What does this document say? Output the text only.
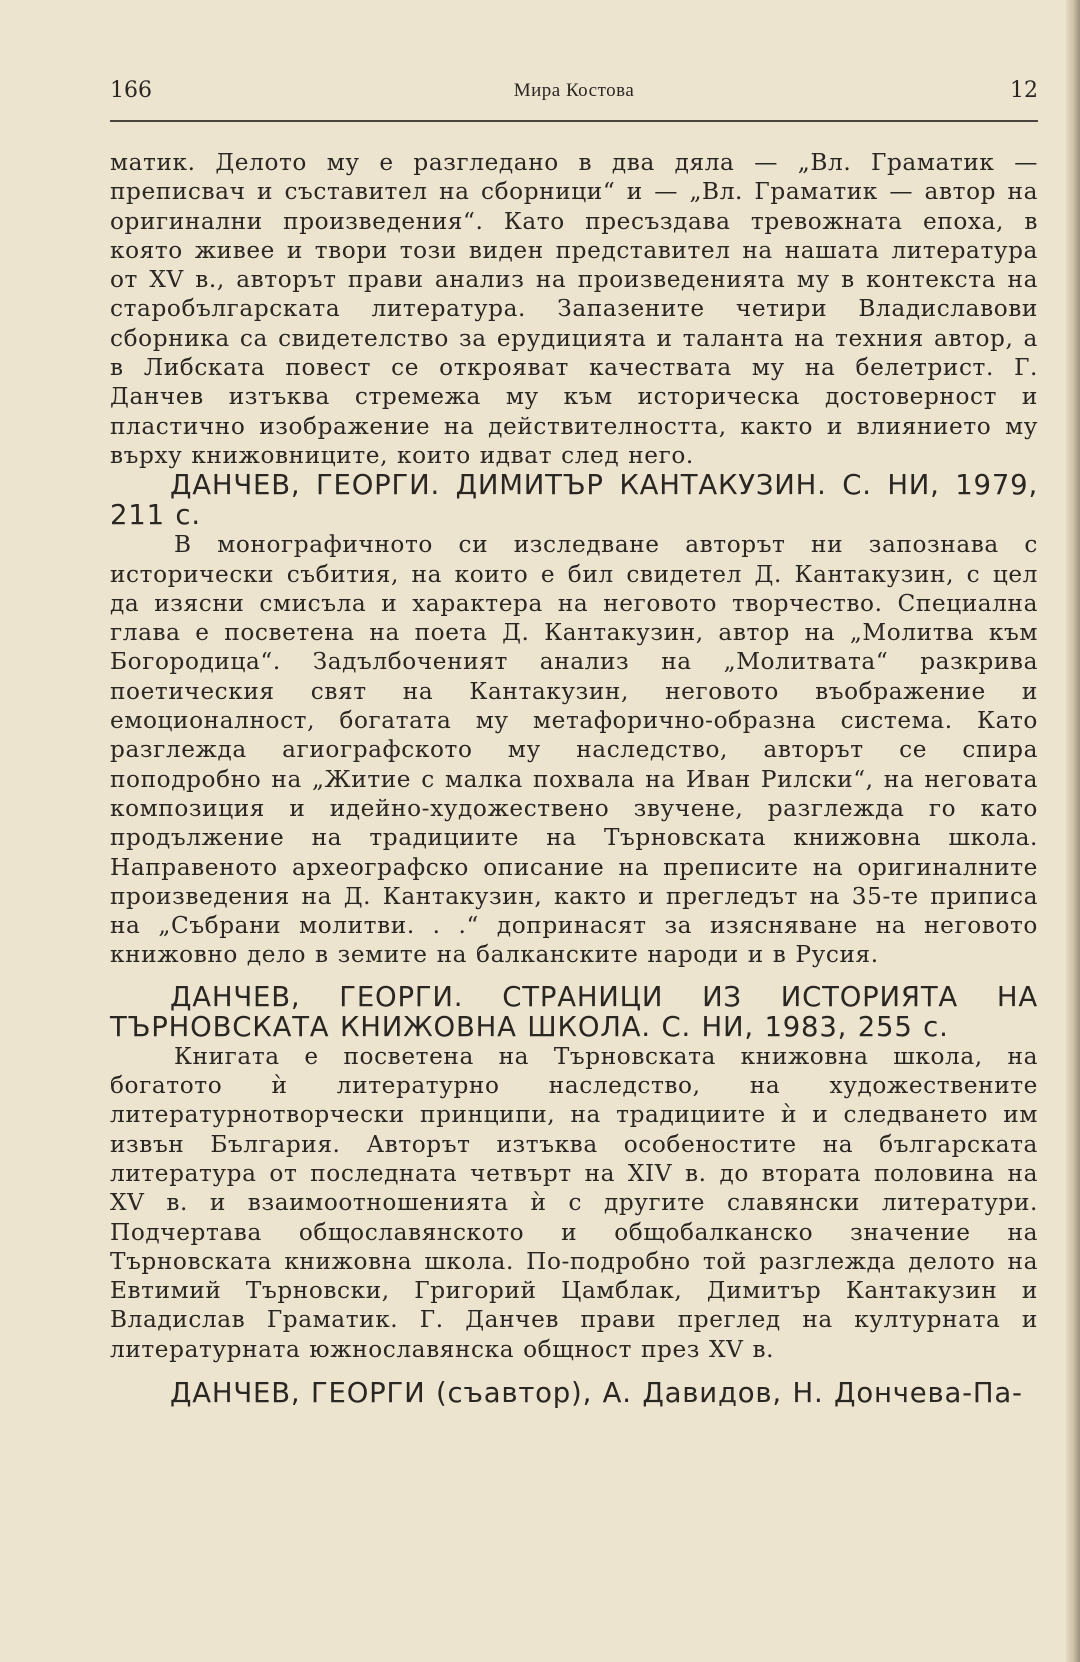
166	Мира Костова	12

матик. Делото му е разгледано в два дяла — „Вл. Граматик — преписвач и съставител на сборници“ и — „Вл. Граматик — автор на оригинални произведения“. Като пресъздава тревожната епоха, в която живее и твори този виден представител на нашата литература от XV в., авторът прави анализ на произведенията му в контекста на старобългарската литература. Запазените четири Владиславови сборника са свидетелство за ерудицията и таланта на техния автор, а в Либската повест се открояват качествата му на белетрист. Г. Данчев изтъква стремежа му към историческа достоверност и пластично изображение на действителността, както и влиянието му върху книжовниците, които идват след него.

ДАНЧЕВ, ГЕОРГИ. ДИМИТЪР КАНТАКУЗИН. С. НИ, 1979, 211 с.

В монографичното си изследване авторът ни запознава с исторически събития, на които е бил свидетел Д. Кантакузин, с цел да изясни смисъла и характера на неговото творчество. Специална глава е посветена на поета Д. Кантакузин, автор на „Молитва към Богородица“. Задълбоченият анализ на „Молитвата“ разкрива поетическия свят на Кантакузин, неговото въображение и емоционалност, богатата му метафорично-образна система. Като разглежда агиографското му наследство, авторът се спира поподробно на „Житие с малка похвала на Иван Рилски“, на неговата композиция и идейно-художествено звучене, разглежда го като продължение на традициите на Търновската книжовна школа. Направеното археографско описание на преписите на оригиналните произведения на Д. Кантакузин, както и прегледът на 35-те приписа на „Събрани молитви. . .“ допринасят за изясняване на неговото книжовно дело в земите на балканските народи и в Русия.

ДАНЧЕВ, ГЕОРГИ. СТРАНИЦИ ИЗ ИСТОРИЯТА НА ТЪРНОВСКАТА КНИЖОВНА ШКОЛА. С. НИ, 1983, 255 с.

Книгата е посветена на Търновската книжовна школа, на богатото ѝ литературно наследство, на художествените литературнотворчески принципи, на традициите ѝ и следването им извън България. Авторът изтъква особеностите на българската литература от последната четвърт на XIV в. до втората половина на XV в. и взаимоотношенията ѝ с другите славянски литератури. Подчертава общославянското и общобалканско значение на Търновската книжовна школа. По-подробно той разглежда делото на Евтимий Търновски, Григорий Цамблак, Димитър Кантакузин и Владислав Граматик. Г. Данчев прави преглед на културната и литературната южнославянска общност през XV в.

ДАНЧЕВ, ГЕОРГИ (съавтор), А. Давидов, Н. Дончева-Па-
